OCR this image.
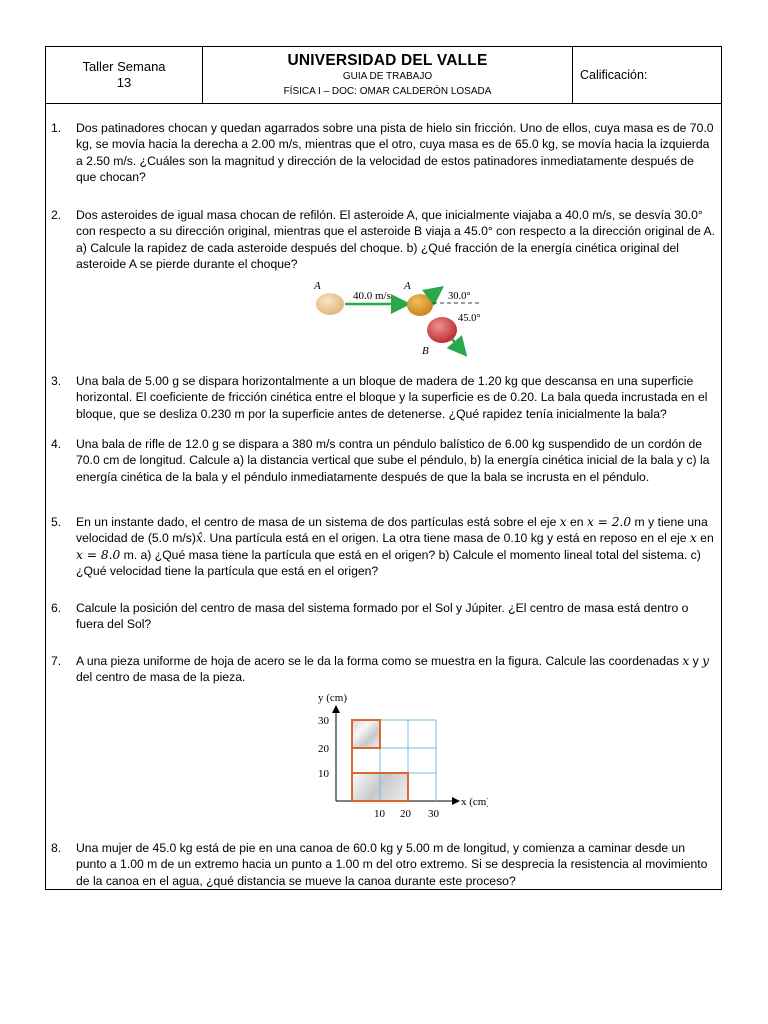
Taller Semana
13
UNIVERSIDAD DEL VALLE
GUIA DE TRABAJO
FÍSICA I – DOC: OMAR CALDERÓN LOSADA
Calificación:
1. Dos patinadores chocan y quedan agarrados sobre una pista de hielo sin fricción. Uno de ellos, cuya masa es de 70.0 kg, se movía hacia la derecha a 2.00 m/s, mientras que el otro, cuya masa es de 65.0 kg, se movía hacia la izquierda a 2.50 m/s. ¿Cuáles son la magnitud y dirección de la velocidad de estos patinadores inmediatamente después de que chocan?
2. Dos asteroides de igual masa chocan de refilón. El asteroide A, que inicialmente viajaba a 40.0 m/s, se desvía 30.0° con respecto a su dirección original, mientras que el asteroide B viaja a 45.0° con respecto a la dirección original de A. a) Calcule la rapidez de cada asteroide después del choque. b) ¿Qué fracción de la energía cinética original del asteroide A se pierde durante el choque?
A
40.0 m/s
A
30.0°
45.0°
B
3. Una bala de 5.00 g se dispara horizontalmente a un bloque de madera de 1.20 kg que descansa en una superficie horizontal. El coeficiente de fricción cinética entre el bloque y la superficie es de 0.20. La bala queda incrustada en el bloque, que se desliza 0.230 m por la superficie antes de detenerse. ¿Qué rapidez tenía inicialmente la bala?
4. Una bala de rifle de 12.0 g se dispara a 380 m/s contra un péndulo balístico de 6.00 kg suspendido de un cordón de 70.0 cm de longitud. Calcule a) la distancia vertical que sube el péndulo, b) la energía cinética inicial de la bala y c) la energía cinética de la bala y el péndulo inmediatamente después de que la bala se incrusta en el péndulo.
5. En un instante dado, el centro de masa de un sistema de dos partículas está sobre el eje x en x = 2.0 m y tiene una velocidad de (5.0 m/s)x̂. Una partícula está en el origen. La otra tiene masa de 0.10 kg y está en reposo en el eje x en x = 8.0 m. a) ¿Qué masa tiene la partícula que está en el origen? b) Calcule el momento lineal total del sistema. c) ¿Qué velocidad tiene la partícula que está en el origen?
6. Calcule la posición del centro de masa del sistema formado por el Sol y Júpiter. ¿El centro de masa está dentro o fuera del Sol?
7. A una pieza uniforme de hoja de acero se le da la forma como se muestra en la figura. Calcule las coordenadas x y y del centro de masa de la pieza.
y (cm)
x (cm)
30
20
10
10 20 30
8. Una mujer de 45.0 kg está de pie en una canoa de 60.0 kg y 5.00 m de longitud, y comienza a caminar desde un punto a 1.00 m de un extremo hacia un punto a 1.00 m del otro extremo. Si se desprecia la resistencia al movimiento de la canoa en el agua, ¿qué distancia se mueve la canoa durante este proceso?
